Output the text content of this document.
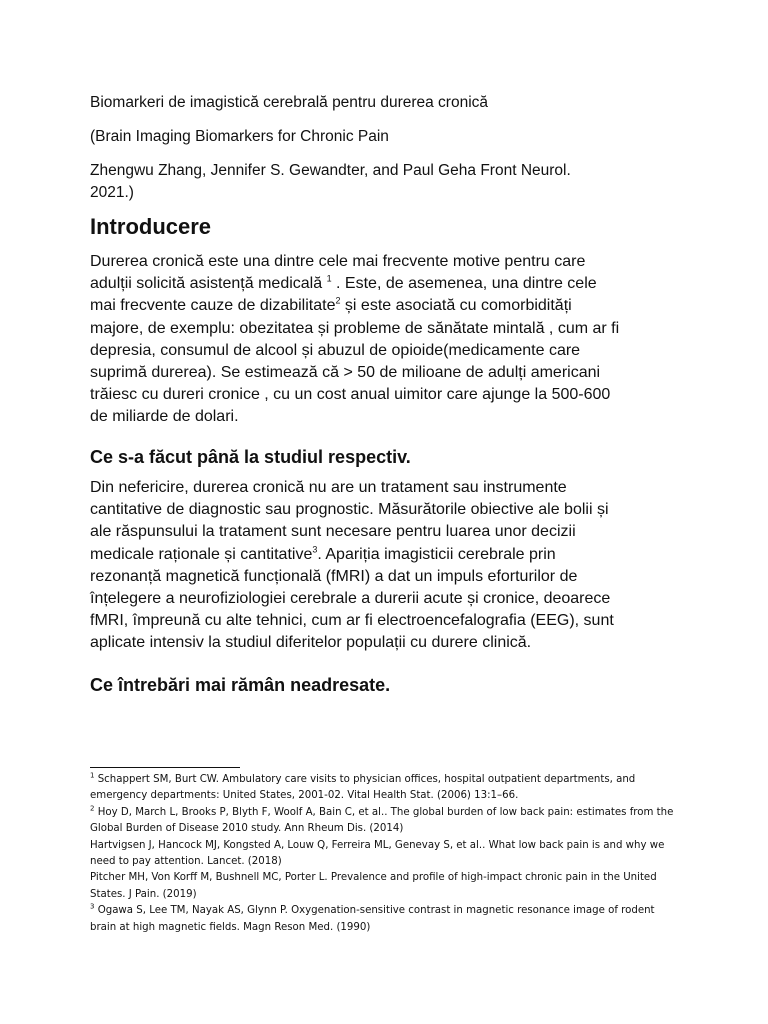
Biomarkeri de imagistică cerebrală pentru durerea cronică
(Brain Imaging Biomarkers for Chronic Pain
Zhengwu Zhang, Jennifer S. Gewandter, and Paul Geha Front Neurol.
2021.)
Introducere
Durerea cronică este una dintre cele mai frecvente motive pentru care
adulții solicită asistență medicală $^1$ . Este, de asemenea, una dintre cele
mai frecvente cauze de dizabilitate$^2$ și este asociată cu comorbidități
majore, de exemplu: obezitatea și probleme de sănătate mintală , cum ar fi
depresia, consumul de alcool și abuzul de opioide(medicamente care
suprimă durerea). Se estimează că > 50 de milioane de adulți americani
trăiesc cu dureri cronice , cu un cost anual uimitor care ajunge la 500-600
de miliarde de dolari.
Ce s-a făcut până la studiul respectiv.
Din nefericire, durerea cronică nu are un tratament sau instrumente
cantitative de diagnostic sau prognostic. Măsurătorile obiective ale bolii și
ale răspunsului la tratament sunt necesare pentru luarea unor decizii
medicale raționale și cantitative$^3$. Apariția imagisticii cerebrale prin
rezonanță magnetică funcțională (fMRI) a dat un impuls eforturilor de
înțelegere a neurofiziologiei cerebrale a durerii acute și cronice, deoarece
fMRI, împreună cu alte tehnici, cum ar fi electroencefalografia (EEG), sunt
aplicate intensiv la studiul diferitelor populații cu durere clinică.
Ce întrebări mai rămân neadresate.
$^1$ Schappert SM, Burt CW. Ambulatory care visits to physician offices, hospital outpatient departments, and
emergency departments: United States, 2001-02. Vital Health Stat. (2006) 13:1–66.
$^2$ Hoy D, March L, Brooks P, Blyth F, Woolf A, Bain C, et al.. The global burden of low back pain: estimates from the
Global Burden of Disease 2010 study. Ann Rheum Dis. (2014)
Hartvigsen J, Hancock MJ, Kongsted A, Louw Q, Ferreira ML, Genevay S, et al.. What low back pain is and why we
need to pay attention. Lancet. (2018)
Pitcher MH, Von Korff M, Bushnell MC, Porter L. Prevalence and profile of high-impact chronic pain in the United
States. J Pain. (2019)
$^3$ Ogawa S, Lee TM, Nayak AS, Glynn P. Oxygenation-sensitive contrast in magnetic resonance image of rodent
brain at high magnetic fields. Magn Reson Med. (1990)
